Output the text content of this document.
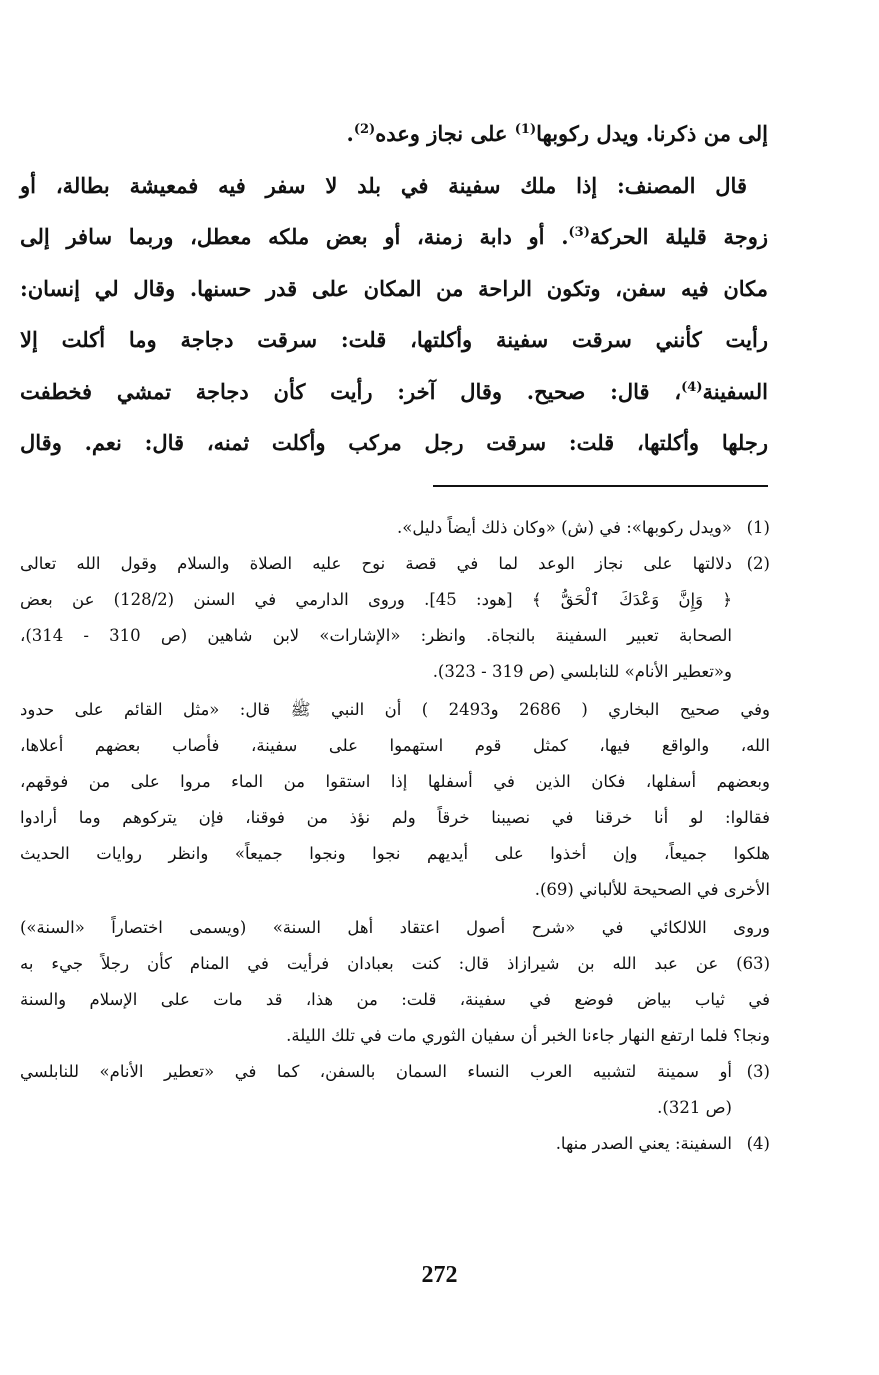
إلى من ذكرنا. ويدل ركوبها$^{(1)}$ على نجاز وعده$^{(2)}$.
 قال المصنف: إذا ملك سفينة في بلد لا سفر فيه فمعيشة بطالة، أو
زوجة قليلة الحركة$^{(3)}$. أو دابة زمنة، أو بعض ملكه معطل، وربما سافر إلى
مكان فيه سفن، وتكون الراحة من المكان على قدر حسنها. وقال لي إنسان:
رأيت كأنني سرقت سفينة وأكلتها، قلت: سرقت دجاجة وما أكلت إلا
السفينة$^{(4)}$، قال: صحيح. وقال آخر: رأيت كأن دجاجة تمشي فخطفت
رجلها وأكلتها، قلت: سرقت رجل مركب وأكلت ثمنه، قال: نعم. وقال
(1)
«ويدل ركوبها»: في (ش) «وكان ذلك أيضاً دليل».
(2)
دلالتها على نجاز الوعد لما في قصة نوح عليه الصلاة والسلام وقول الله تعالى
﴿ وَإِنَّ وَعْدَكَ ٱلْحَقُّ ﴾ [هود: 45]. وروى الدارمي في السنن (128/2) عن بعض
الصحابة تعبير السفينة بالنجاة. وانظر: «الإشارات» لابن شاهين (ص 310 - 314)،
و«تعطير الأنام» للنابلسي (ص 319 - 323).
وفي صحيح البخاري ( 2686 و2493 ) أن النبي ﷺ قال: «مثل القائم على حدود
الله، والواقع فيها، كمثل قوم استهموا على سفينة، فأصاب بعضهم أعلاها،
وبعضهم أسفلها، فكان الذين في أسفلها إذا استقوا من الماء مروا على من فوقهم،
فقالوا: لو أنا خرقنا في نصيبنا خرقاً ولم نؤذ من فوقنا، فإن يتركوهم وما أرادوا
هلكوا جميعاً، وإن أخذوا على أيديهم نجوا ونجوا جميعاً» وانظر روايات الحديث
الأخرى في الصحيحة للألباني (69).
وروى اللالكائي في «شرح أصول اعتقاد أهل السنة» (ويسمى اختصاراً «السنة»)
(63) عن عبد الله بن شيرازاذ قال: كنت بعبادان فرأيت في المنام كأن رجلاً جيء به
في ثياب بياض فوضع في سفينة، قلت: من هذا، قد مات على الإسلام والسنة
ونجا؟ فلما ارتفع النهار جاءنا الخبر أن سفيان الثوري مات في تلك الليلة.
(3)
أو سمينة لتشبيه العرب النساء السمان بالسفن، كما في «تعطير الأنام» للنابلسي
(ص 321).
(4)
السفينة: يعني الصدر منها.
272
